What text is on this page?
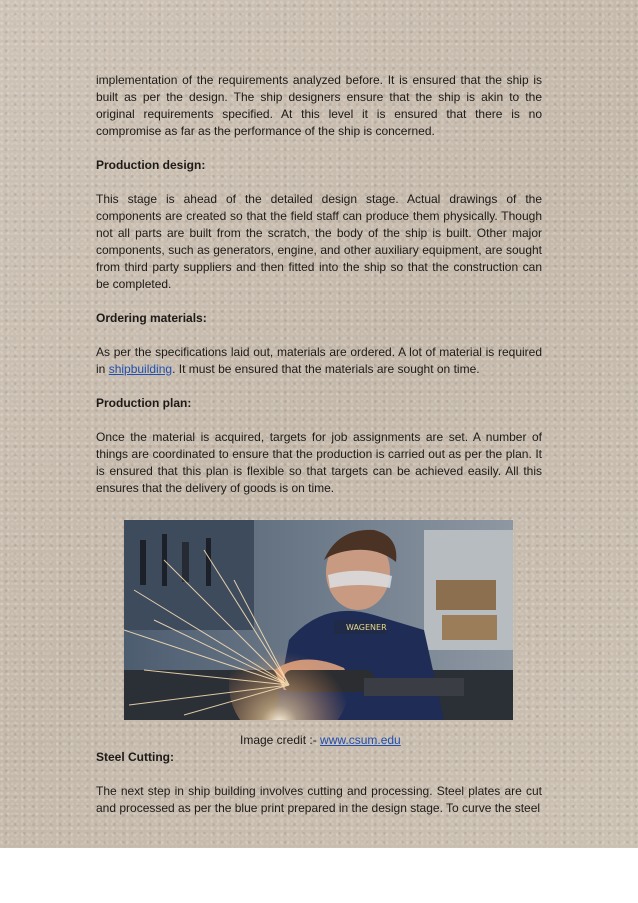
implementation of the requirements analyzed before. It is ensured that the ship is built as per the design. The ship designers ensure that the ship is akin to the original requirements specified. At this level it is ensured that there is no compromise as far as the performance of the ship is concerned.

Production design:

This stage is ahead of the detailed design stage. Actual drawings of the components are created so that the field staff can produce them physically. Though not all parts are built from the scratch, the body of the ship is built. Other major components, such as generators, engine, and other auxiliary equipment, are sought from third party suppliers and then fitted into the ship so that the construction can be completed.

Ordering materials:

As per the specifications laid out, materials are ordered. A lot of material is required in shipbuilding. It must be ensured that the materials are sought on time.

Production plan:

Once the material is acquired, targets for job assignments are set. A number of things are coordinated to ensure that the production is carried out as per the plan. It is ensured that this plan is flexible so that targets can be achieved easily. All this ensures that the delivery of goods is on time.

WAGENER
Image credit :- www.csum.edu

Steel Cutting:

The next step in ship building involves cutting and processing. Steel plates are cut and processed as per the blue print prepared in the design stage. To curve the steel
